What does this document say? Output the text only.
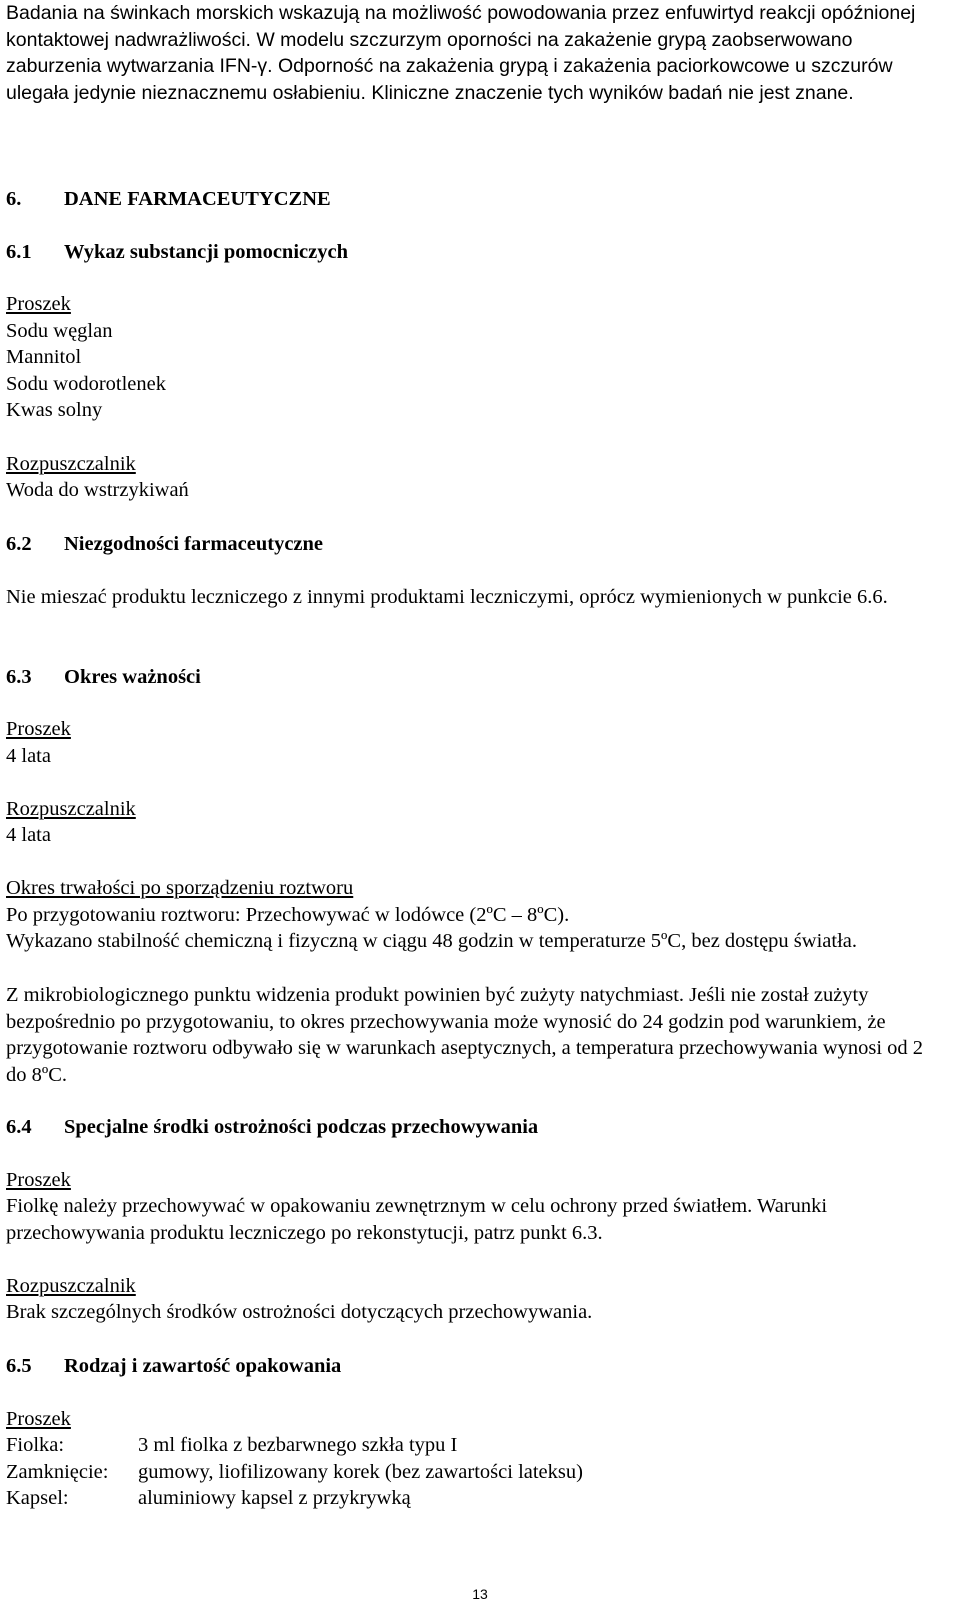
Badania na świnkach morskich wskazują na możliwość powodowania przez enfuwirtyd reakcji opóźnionej kontaktowej nadwrażliwości. W modelu szczurzym oporności na zakażenie grypą zaobserwowano zaburzenia wytwarzania IFN-γ. Odporność na zakażenia grypą i zakażenia paciorkowcowe u szczurów ulegała jedynie nieznacznemu osłabieniu. Kliniczne znaczenie tych wyników badań nie jest znane.

6. DANE FARMACEUTYCZNE
6.1 Wykaz substancji pomocniczych
Proszek
Sodu węglan
Mannitol
Sodu wodorotlenek
Kwas solny
Rozpuszczalnik
Woda do wstrzykiwań
6.2 Niezgodności farmaceutyczne

Nie mieszać produktu leczniczego z innymi produktami leczniczymi, oprócz wymienionych w punkcie 6.6.

6.3 Okres ważności
Proszek
4 lata
Rozpuszczalnik
4 lata
Okres trwałości po sporządzeniu roztworu
Po przygotowaniu roztworu: Przechowywać w lodówce (2ºC – 8ºC).

Wykazano stabilność chemiczną i fizyczną w ciągu 48 godzin w temperaturze 5ºC, bez dostępu światła.

Z mikrobiologicznego punktu widzenia produkt powinien być zużyty natychmiast. Jeśli nie został zużyty bezpośrednio po przygotowaniu, to okres przechowywania może wynosić do 24 godzin pod warunkiem, że przygotowanie roztworu odbywało się w warunkach aseptycznych, a temperatura przechowywania wynosi od 2 do 8ºC.

6.4 Specjalne środki ostrożności podczas przechowywania
Proszek

Fiolkę należy przechowywać w opakowaniu zewnętrznym w celu ochrony przed światłem. Warunki przechowywania produktu leczniczego po rekonstytucji, patrz punkt 6.3.

Rozpuszczalnik
Brak szczególnych środków ostrożności dotyczących przechowywania.
6.5 Rodzaj i zawartość opakowania
Proszek
Fiolka:	3 ml fiolka z bezbarwnego szkła typu I
Zamknięcie: gumowy, liofilizowany korek (bez zawartości lateksu)
Kapsel:	aluminiowy kapsel z przykrywką
13
